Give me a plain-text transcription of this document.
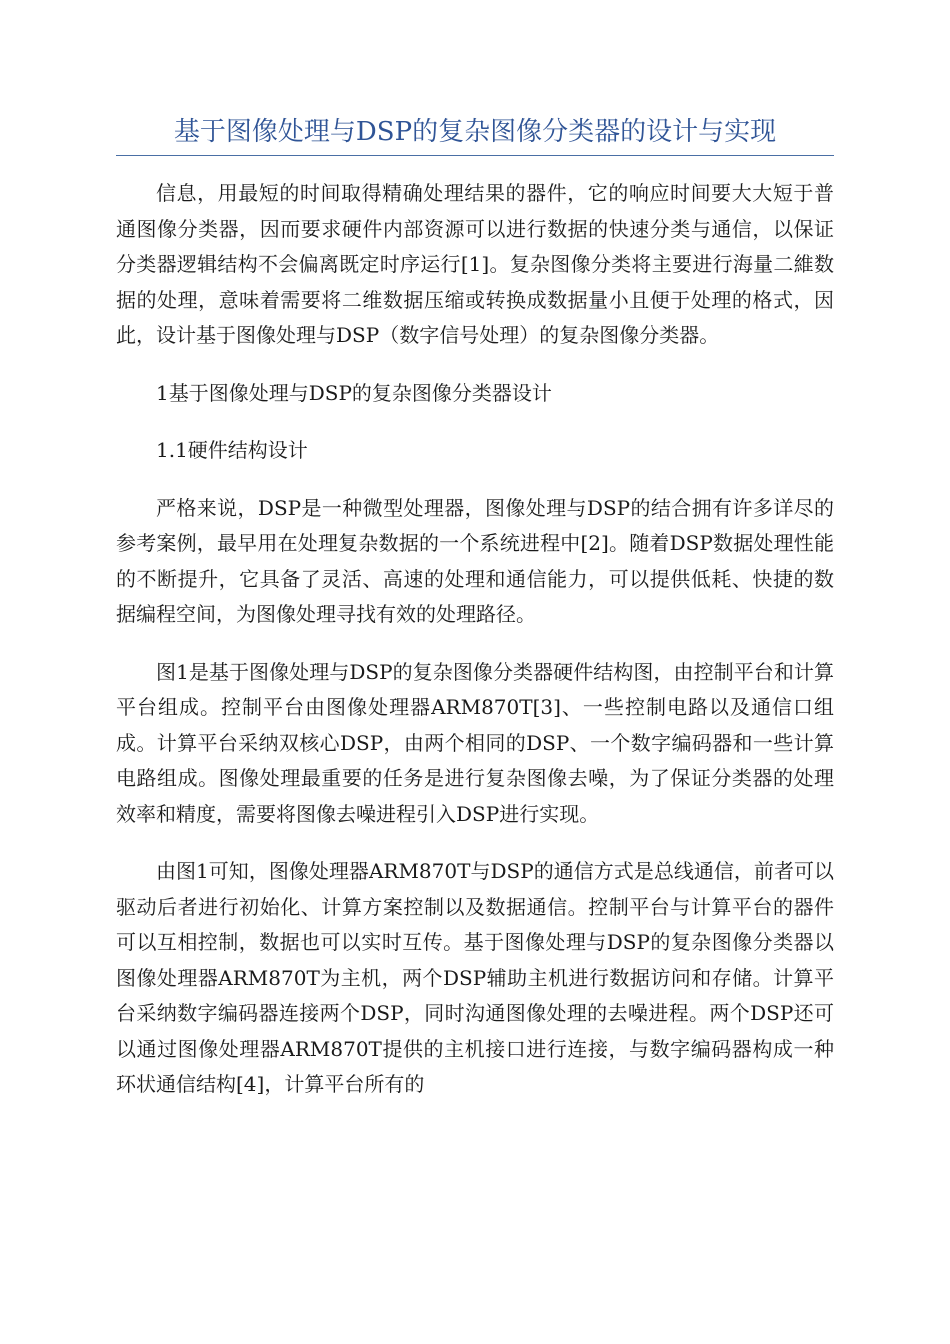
基于图像处理与DSP的复杂图像分类器的设计与实现

信息，用最短的时间取得精确处理结果的器件，它的响应时间要大大短于普通图像分类器，因而要求硬件内部资源可以进行数据的快速分类与通信，以保证分类器逻辑结构不会偏离既定时序运行[1]。复杂图像分类将主要进行海量二維数据的处理，意味着需要将二维数据压缩或转换成数据量小且便于处理的格式，因此，设计基于图像处理与DSP（数字信号处理）的复杂图像分类器。

1基于图像处理与DSP的复杂图像分类器设计

1.1硬件结构设计

严格来说，DSP是一种微型处理器，图像处理与DSP的结合拥有许多详尽的参考案例，最早用在处理复杂数据的一个系统进程中[2]。随着DSP数据处理性能的不断提升，它具备了灵活、高速的处理和通信能力，可以提供低耗、快捷的数据编程空间，为图像处理寻找有效的处理路径。

图1是基于图像处理与DSP的复杂图像分类器硬件结构图，由控制平台和计算平台组成。控制平台由图像处理器ARM870T[3]、一些控制电路以及通信口组成。计算平台采纳双核心DSP，由两个相同的DSP、一个数字编码器和一些计算电路组成。图像处理最重要的任务是进行复杂图像去噪，为了保证分类器的处理效率和精度，需要将图像去噪进程引入DSP进行实现。

由图1可知，图像处理器ARM870T与DSP的通信方式是总线通信，前者可以驱动后者进行初始化、计算方案控制以及数据通信。控制平台与计算平台的器件可以互相控制，数据也可以实时互传。基于图像处理与DSP的复杂图像分类器以图像处理器ARM870T为主机，两个DSP辅助主机进行数据访问和存储。计算平台采纳数字编码器连接两个DSP，同时沟通图像处理的去噪进程。两个DSP还可以通过图像处理器ARM870T提供的主机接口进行连接，与数字编码器构成一种环状通信结构[4]，计算平台所有的
